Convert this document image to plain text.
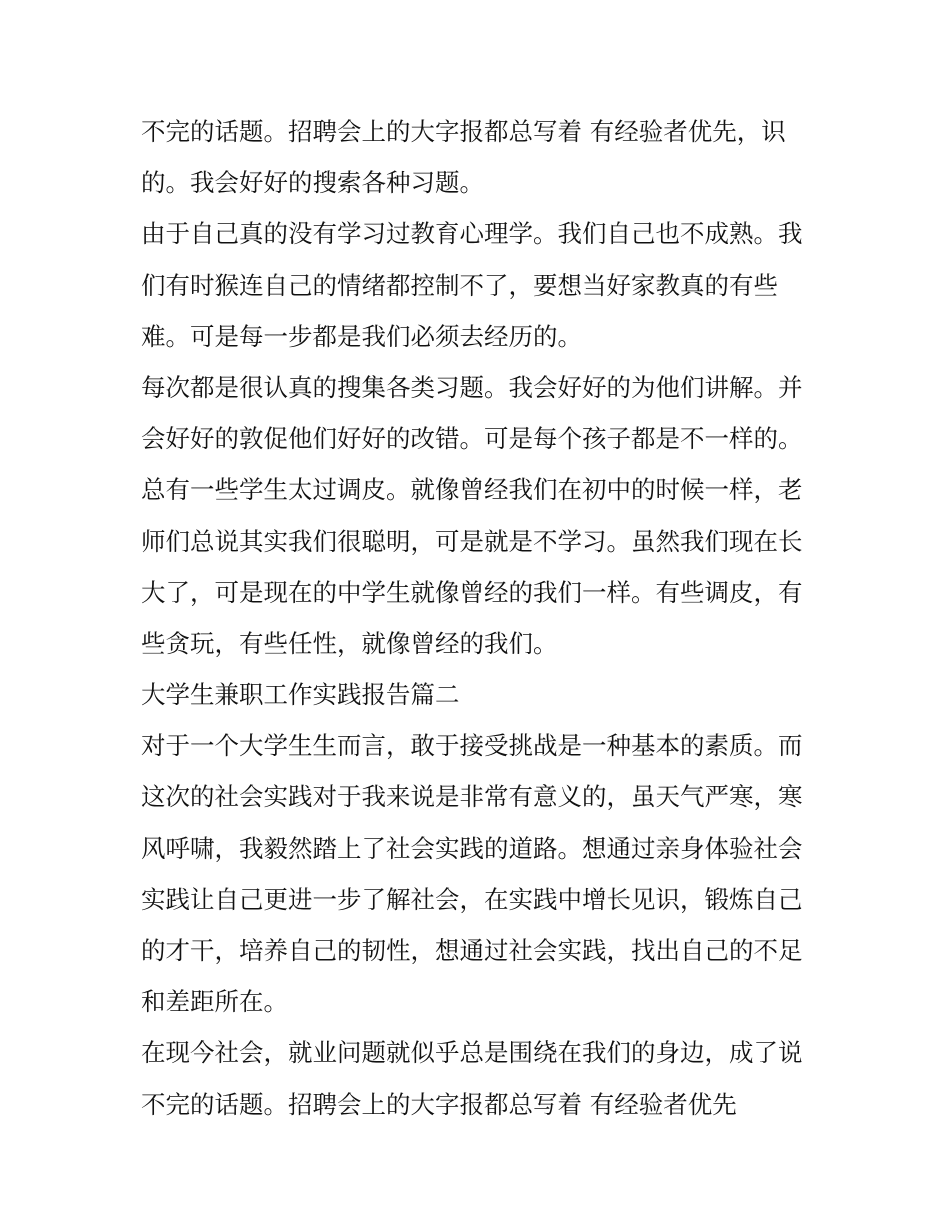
不完的话题。招聘会上的大字报都总写着 有经验者优先，识
的。我会好好的搜索各种习题。
由于自己真的没有学习过教育心理学。我们自己也不成熟。我
们有时猴连自己的情绪都控制不了，要想当好家教真的有些
难。可是每一步都是我们必须去经历的。
每次都是很认真的搜集各类习题。我会好好的为他们讲解。并
会好好的敦促他们好好的改错。可是每个孩子都是不一样的。
总有一些学生太过调皮。就像曾经我们在初中的时候一样，老
师们总说其实我们很聪明，可是就是不学习。虽然我们现在长
大了，可是现在的中学生就像曾经的我们一样。有些调皮，有
些贪玩，有些任性，就像曾经的我们。
大学生兼职工作实践报告篇二
对于一个大学生生而言，敢于接受挑战是一种基本的素质。而
这次的社会实践对于我来说是非常有意义的，虽天气严寒，寒
风呼啸，我毅然踏上了社会实践的道路。想通过亲身体验社会
实践让自己更进一步了解社会，在实践中增长见识，锻炼自己
的才干，培养自己的韧性，想通过社会实践，找出自己的不足
和差距所在。
在现今社会，就业问题就似乎总是围绕在我们的身边，成了说
不完的话题。招聘会上的大字报都总写着 有经验者优先
